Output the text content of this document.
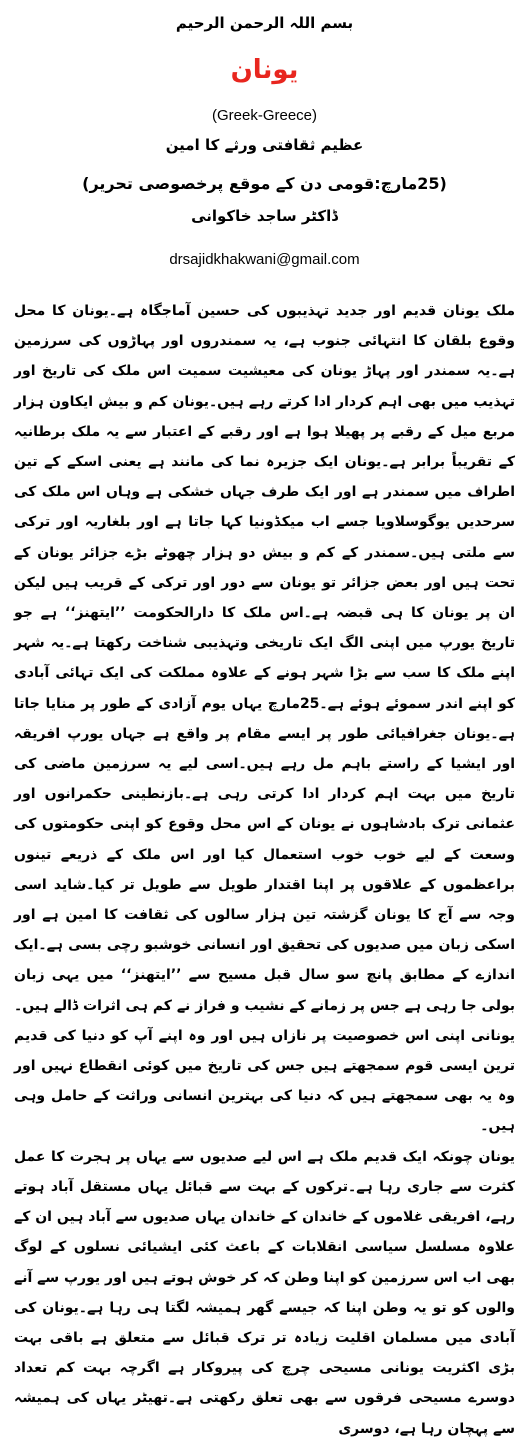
بسم اللہ الرحمن الرحیم
یونان
(Greek-Greece)
عظیم ثقافتی ورثے کا امین
(25مارچ:قومی دن کے موقع پرخصوصی تحریر)
ڈاکٹر ساجد خاکوانی
drsajidkhakwani@gmail.com

ملک یونان قدیم اور جدید تہذیبوں کی حسین آماجگاہ ہے۔یونان کا محل وقوع بلقان کا انتہائی جنوب ہے، یہ سمندروں اور پہاڑوں کی سرزمین ہے۔یہ سمندر اور پہاڑ یونان کی معیشیت سمیت اس ملک کی تاریخ اور تہذیب میں بھی اہم کردار ادا کرتے رہے ہیں۔یونان کم و بیش ایکاون ہزار مربع میل کے رقبے پر پھیلا ہوا ہے اور رقبے کے اعتبار سے یہ ملک برطانیہ کے تقریباً برابر ہے۔یونان ایک جزیرہ نما کی مانند ہے یعنی اسکے کے تین اطراف میں سمندر ہے اور ایک طرف جہاں خشکی ہے وہاں اس ملک کی سرحدیں یوگوسلاویا جسے اب میکڈونیا کہا جاتا ہے اور بلغاریہ اور ترکی سے ملتی ہیں۔سمندر کے کم و بیش دو ہزار چھوٹے بڑے جزائر یونان کے تحت ہیں اور بعض جزائر تو یونان سے دور اور ترکی کے قریب ہیں لیکن ان پر یونان کا ہی قبضہ ہے۔اس ملک کا دارالحکومت ’’ایتھنز‘‘ ہے جو تاریخ یورپ میں اپنی الگ ایک تاریخی وتہذیبی شناخت رکھتا ہے۔یہ شہر اپنے ملک کا سب سے بڑا شہر ہونے کے علاوہ مملکت کی ایک تہائی آبادی کو اپنے اندر سموئے ہوئے ہے۔25مارچ یہاں یوم آزادی کے طور پر منایا جاتا ہے۔یونان جغرافیائی طور پر ایسے مقام پر واقع ہے جہاں یورپ افریقہ اور ایشیا کے راستے باہم مل رہے ہیں۔اسی لیے یہ سرزمین ماضی کی تاریخ میں بہت اہم کردار ادا کرتی رہی ہے۔بازنطینی حکمرانوں اور عثمانی ترک بادشاہوں نے یونان کے اس محل وقوع کو اپنی حکومتوں کی وسعت کے لیے خوب خوب استعمال کیا اور اس ملک کے ذریعے تینوں براعظموں کے علاقوں پر اپنا اقتدار طویل سے طویل تر کیا۔شاید اسی وجہ سے آج کا یونان گزشتہ تین ہزار سالوں کی ثقافت کا امین ہے اور اسکی زبان میں صدیوں کی تحقیق اور انسانی خوشبو رچی بسی ہے۔ایک اندازے کے مطابق پانچ سو سال قبل مسیح سے ’’ایتھنز‘‘ میں یہی زبان بولی جا رہی ہے جس پر زمانے کے نشیب و فراز نے کم ہی اثرات ڈالے ہیں۔یونانی اپنی اس خصوصیت پر نازاں ہیں اور وہ اپنے آپ کو دنیا کی قدیم ترین ایسی قوم سمجھتے ہیں جس کی تاریخ میں کوئی انقطاع نہیں اور وہ یہ بھی سمجھتے ہیں کہ دنیا کی بہترین انسانی وراثت کے حامل وہی ہیں۔

یونان چونکہ ایک قدیم ملک ہے اس لیے صدیوں سے یہاں پر ہجرت کا عمل کثرت سے جاری رہا ہے۔ترکوں کے بہت سے قبائل یہاں مستقل آباد ہوتے رہے، افریقی غلاموں کے خاندان کے خاندان یہاں صدیوں سے آباد ہیں ان کے علاوہ مسلسل سیاسی انقلابات کے باعث کئی ایشیائی نسلوں کے لوگ بھی اب اس سرزمین کو اپنا وطن کہ کر خوش ہوتے ہیں اور یورپ سے آنے والوں کو تو یہ وطن اپنا کہ جیسے گھر ہمیشہ لگتا ہی رہا ہے۔یونان کی آبادی میں مسلمان اقلیت زیادہ تر ترک قبائل سے متعلق ہے باقی بہت بڑی اکثریت یونانی مسیحی چرچ کی پیروکار ہے اگرچہ بہت کم تعداد دوسرے مسیحی فرقوں سے بھی تعلق رکھتی ہے۔تھیٹر یہاں کی ہمیشہ سے پہچان رہا ہے، دوسری
